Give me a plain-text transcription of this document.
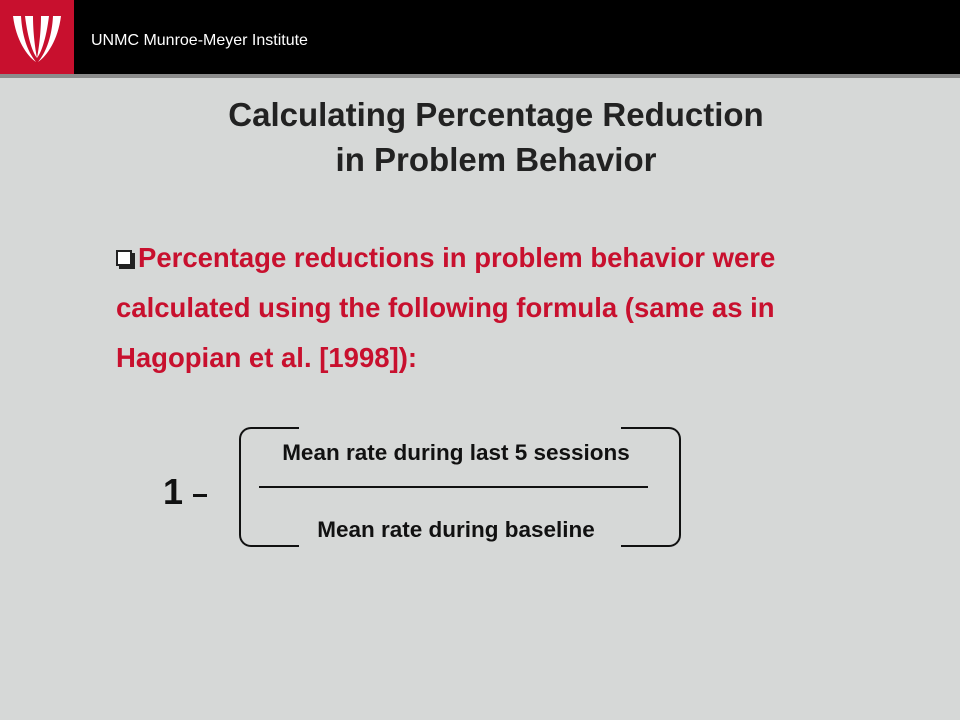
UNMC Munroe-Meyer Institute
Calculating Percentage Reduction
in Problem Behavior
Percentage reductions in problem behavior were
calculated using the following formula (same as in
Hagopian et al. [1998]):
1
Mean rate during last 5 sessions
Mean rate during baseline
